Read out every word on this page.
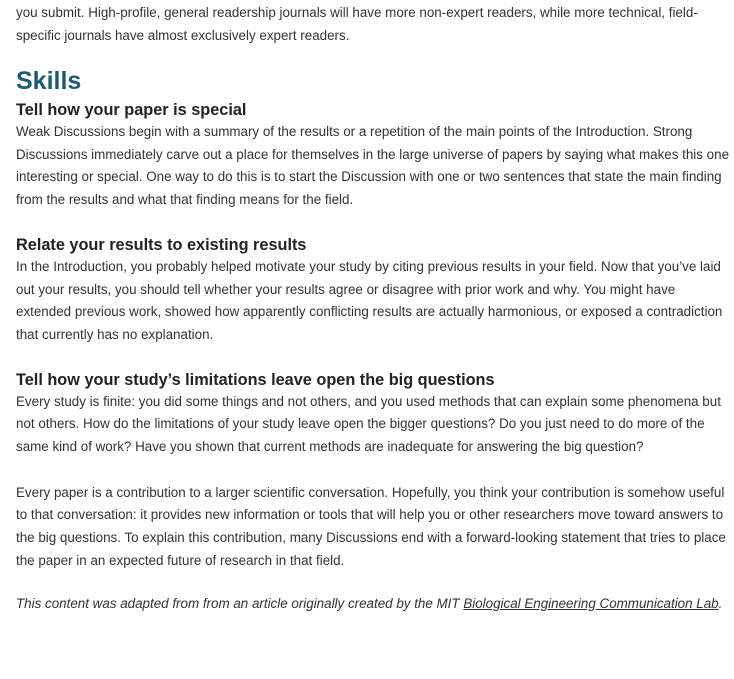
you submit. High-profile, general readership journals will have more non-expert readers, while more technical, field-specific journals have almost exclusively expert readers.

Skills
Tell how your paper is special

Weak Discussions begin with a summary of the results or a repetition of the main points of the Introduction. Strong Discussions immediately carve out a place for themselves in the large universe of papers by saying what makes this one interesting or special. One way to do this is to start the Discussion with one or two sentences that state the main finding from the results and what that finding means for the field.

Relate your results to existing results

In the Introduction, you probably helped motivate your study by citing previous results in your field. Now that you’ve laid out your results, you should tell whether your results agree or disagree with prior work and why. You might have extended previous work, showed how apparently conflicting results are actually harmonious, or exposed a contradiction that currently has no explanation.

Tell how your study’s limitations leave open the big questions

Every study is finite: you did some things and not others, and you used methods that can explain some phenomena but not others. How do the limitations of your study leave open the bigger questions? Do you just need to do more of the same kind of work? Have you shown that current methods are inadequate for answering the big question?

Every paper is a contribution to a larger scientific conversation. Hopefully, you think your contribution is somehow useful to that conversation: it provides new information or tools that will help you or other researchers move toward answers to the big questions. To explain this contribution, many Discussions end with a forward-looking statement that tries to place the paper in an expected future of research in that field.

This content was adapted from from an article originally created by the MIT Biological Engineering Communication Lab.
